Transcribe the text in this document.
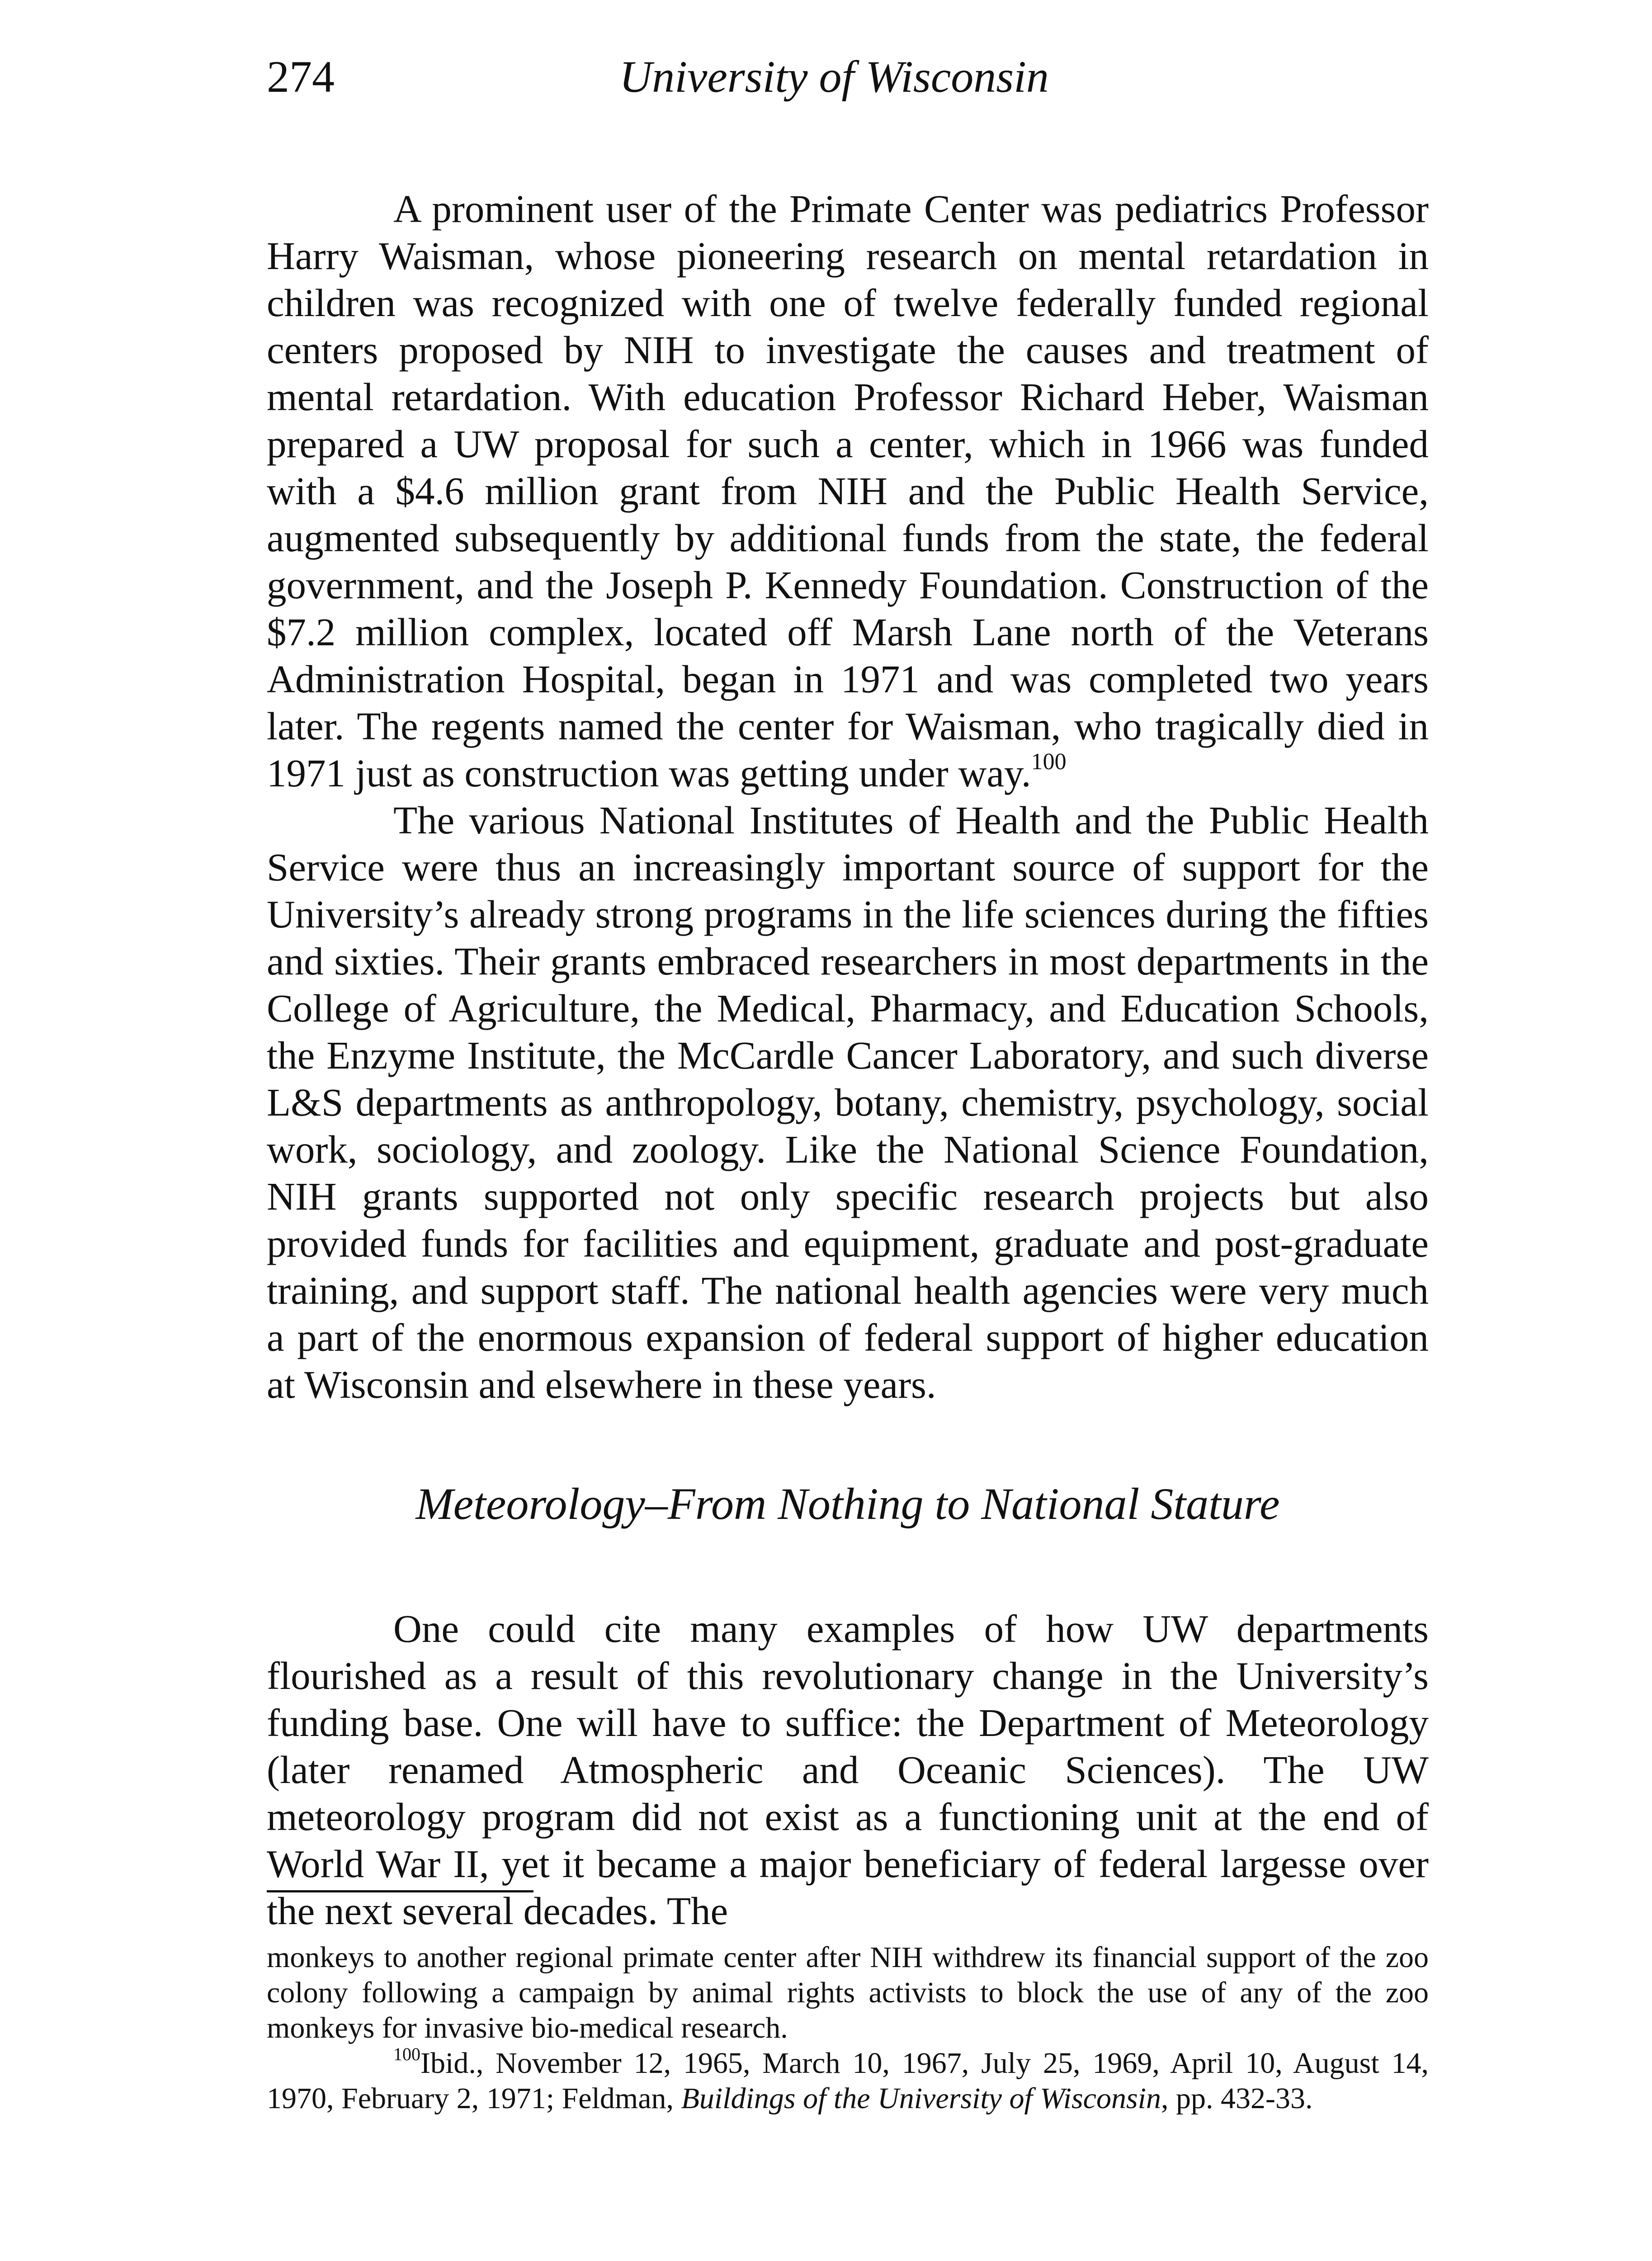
274	University of Wisconsin

A prominent user of the Primate Center was pediatrics Professor Harry Waisman, whose pioneering research on mental retardation in children was recognized with one of twelve federally funded regional centers proposed by NIH to investigate the causes and treatment of mental retardation. With education Professor Richard Heber, Waisman prepared a UW proposal for such a center, which in 1966 was funded with a $4.6 million grant from NIH and the Public Health Service, augmented subsequently by additional funds from the state, the federal government, and the Joseph P. Kennedy Foundation. Construction of the $7.2 million complex, located off Marsh Lane north of the Veterans Administration Hospital, began in 1971 and was completed two years later. The regents named the center for Waisman, who tragically died in 1971 just as construction was getting under way.$^{100}$

The various National Institutes of Health and the Public Health Service were thus an increasingly important source of support for the University’s already strong programs in the life sciences during the fifties and sixties. Their grants embraced researchers in most departments in the College of Agriculture, the Medical, Pharmacy, and Education Schools, the Enzyme Institute, the McCardle Cancer Laboratory, and such diverse L&S departments as anthropology, botany, chemistry, psychology, social work, sociology, and zoology. Like the National Science Foundation, NIH grants supported not only specific research projects but also provided funds for facilities and equipment, graduate and post-graduate training, and support staff. The national health agencies were very much a part of the enormous expansion of federal support of higher education at Wisconsin and elsewhere in these years.

Meteorology–From Nothing to National Stature

One could cite many examples of how UW departments flourished as a result of this revolutionary change in the University’s funding base. One will have to suffice: the Department of Meteorology (later renamed Atmospheric and Oceanic Sciences). The UW meteorology program did not exist as a functioning unit at the end of World War II, yet it became a major beneficiary of federal largesse over the next several decades. The

monkeys to another regional primate center after NIH withdrew its financial support of the zoo colony following a campaign by animal rights activists to block the use of any of the zoo monkeys for invasive bio-medical research.

$^{100}$Ibid., November 12, 1965, March 10, 1967, July 25, 1969, April 10, August 14, 1970, February 2, 1971; Feldman, Buildings of the University of Wisconsin, pp. 432-33.
